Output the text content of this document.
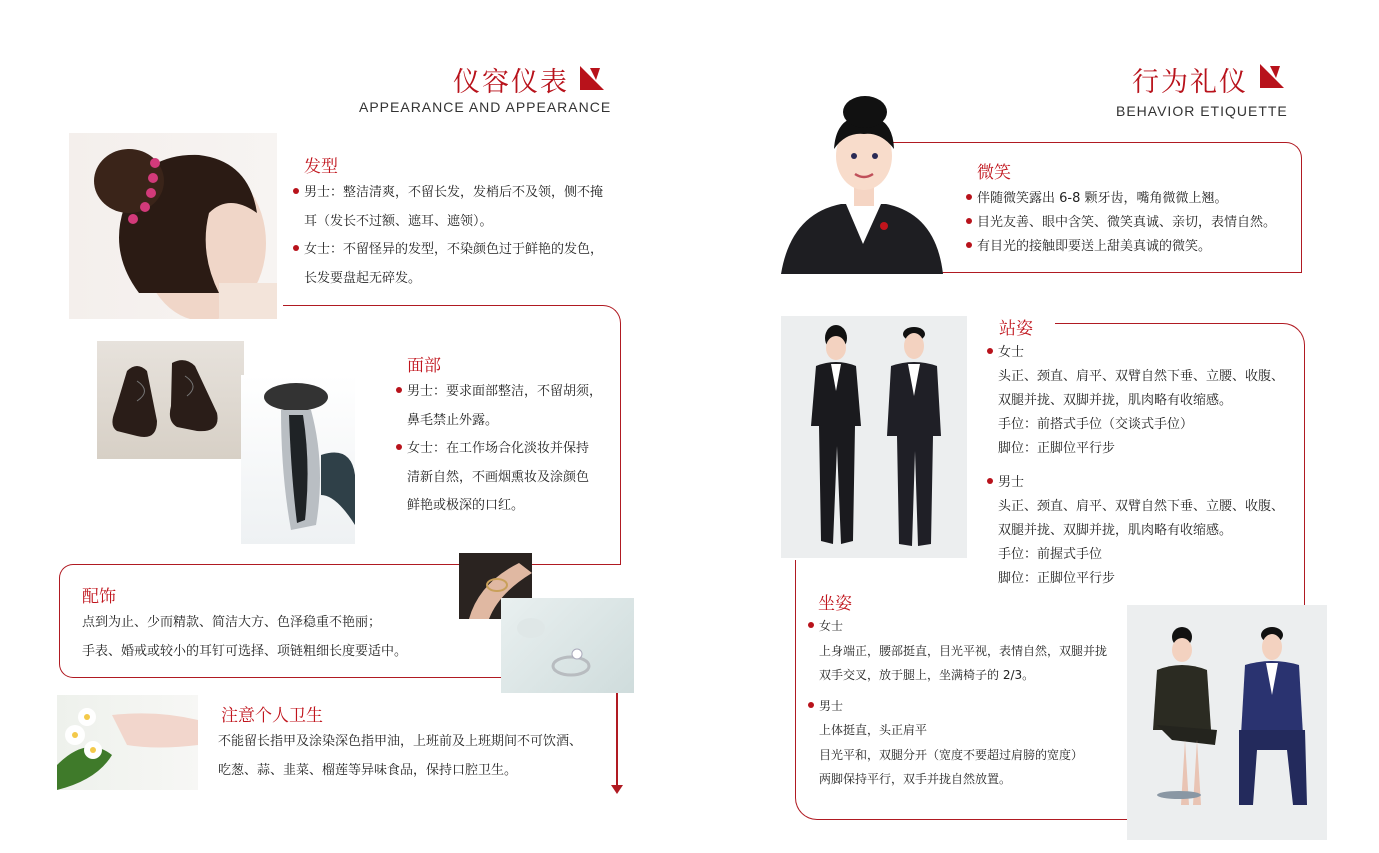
仪容仪表
APPEARANCE AND APPEARANCE
发型
男士：整洁清爽，不留长发，发梢后不及领，侧不掩
耳（发长不过额、遮耳、遮领）。
女士：不留怪异的发型，不染颜色过于鲜艳的发色，
长发要盘起无碎发。
面部
男士：要求面部整洁，不留胡须，
鼻毛禁止外露。
女士：在工作场合化淡妆并保持
清新自然，不画烟熏妆及涂颜色
鲜艳或极深的口红。
配饰
点到为止、少而精款、简洁大方、色泽稳重不艳丽；
手表、婚戒或较小的耳钉可选择、项链粗细长度要适中。
注意个人卫生
不能留长指甲及涂染深色指甲油，上班前及上班期间不可饮酒、
吃葱、蒜、韭菜、榴莲等异味食品，保持口腔卫生。
行为礼仪
BEHAVIOR ETIQUETTE
微笑
伴随微笑露出 6-8 颗牙齿，嘴角微微上翘。
目光友善、眼中含笑、微笑真诚、亲切，表情自然。
有目光的接触即要送上甜美真诚的微笑。
站姿
女士
头正、颈直、肩平、双臂自然下垂、立腰、收腹、
双腿并拢、双脚并拢，肌肉略有收缩感。
手位：前搭式手位（交谈式手位）
脚位：正脚位平行步
男士
头正、颈直、肩平、双臂自然下垂、立腰、收腹、
双腿并拢、双脚并拢，肌肉略有收缩感。
手位：前握式手位
脚位：正脚位平行步
坐姿
女士
上身端正，腰部挺直，目光平视，表情自然，双腿并拢
双手交叉，放于腿上，坐满椅子的 2/3。
男士
上体挺直，头正肩平
目光平和，双腿分开（宽度不要超过肩膀的宽度）
两脚保持平行，双手并拢自然放置。
